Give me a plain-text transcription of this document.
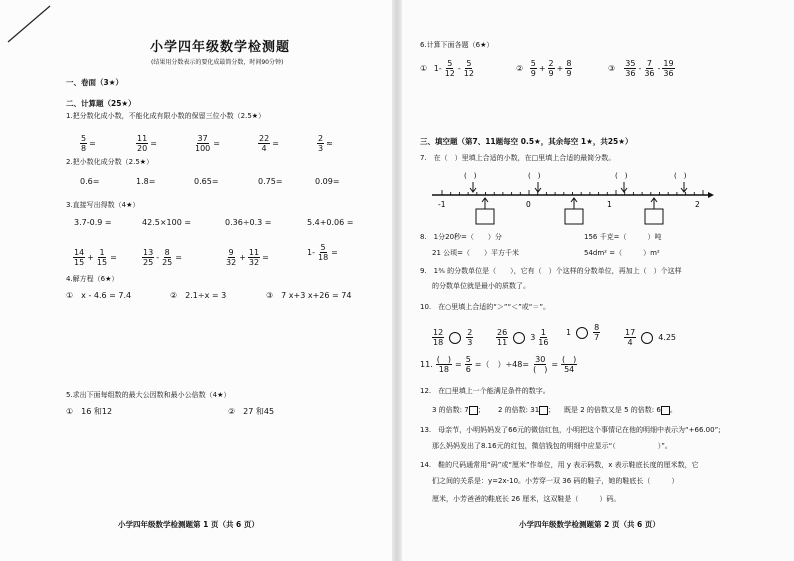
小学四年级数学检测题
(结果用分数表示的要化成最简分数，时间90分钟)
一、卷面（3★）
二、计算题（25★）
1.把分数化成小数，不能化成有限小数的保留三位小数（2.5★）
$\frac{5}{8}$ =	$\frac{11}{20}$ =	$\frac{37}{100}$ =	$\frac{22}{4}$ =	$\frac{2}{3}$ ≈
2.把小数化成分数（2.5★）
0.6=	1.8=	0.65=	0.75=	0.09=
3.直接写出得数（4★）
3.7-0.9 =	42.5×100 =	0.36÷0.3 =	5.4+0.06 =
$\frac{14}{15} + \frac{1}{15}$ =	$\frac{13}{25} - \frac{8}{25}$ =	$\frac{9}{32} + \frac{11}{32}$ =
$1- \frac{5}{18}$ =
4.解方程（6★）
①　x - 4.6 = 7.4	②　2.1÷x = 3	③　7 x+3 x+26 = 74
5.求出下面每组数的最大公因数和最小公倍数（4★）
①　16 和12	②　27 和45
小学四年级数学检测题第 1 页（共 6 页）
6.计算下面各题（6★）
①
$1- \frac{5}{12} - \frac{5}{12}$	②
$\frac{5}{9} + \frac{2}{9} + \frac{8}{9}$	③
$\frac{35}{36} - \frac{7}{36} - \frac{19}{36}$
三、填空题（第7、11题每空 0.5★，其余每空 1★，共25★）
7.　在（　）里填上合适的小数，在□里填上合适的最简分数。
(　)	(　)	(　)	(　)
-1	0	1	2
8.　1分20秒=（　　）分	156 千克=（　　　）吨
21 公顷=（　　）平方千米	54dm² =（　　　）m²
9.　1⅗ 的分数单位是（　　），它有（　）个这样的分数单位，再加上（　）个这样
的分数单位就是最小的质数了。
10.　在○里填上合适的“＞”“＜”或“＝”。
$\frac{12}{18}$	$\frac{2}{3}$	$\frac{26}{11}$	$3 \frac{1}{16} 1$	$\frac{8}{7}$	$\frac{17}{4}$	4.25
11. $\frac{( )}{18} = \frac{5}{6}$ =（　）$\div 48= \frac{30}{( )} = \frac{( )}{54}$
12.　在□里填上一个能满足条件的数字。
3 的倍数: 7 ； 2 的倍数: 31 ； 既是 2 的倍数又是 5 的倍数: 6 。
13.　母亲节，小明妈妈发了66元的微信红包，小明把这个事情记在他的明细中表示为“+66.00”;
那么妈妈发出了8.16元的红包，微信钱包的明细中应显示“（　　　　　　）”。
14.　鞋的尺码通常用“码”或“厘米”作单位，用 y 表示码数，x 表示鞋底长度的厘米数，它
们之间的关系是：y=2x-10。小芳穿一双 36 码的鞋子，她的鞋底长（　　　）
厘米，小芳爸爸的鞋底长 26 厘米，这双鞋是（　　　）码。
小学四年级数学检测题第 2 页（共 6 页）
